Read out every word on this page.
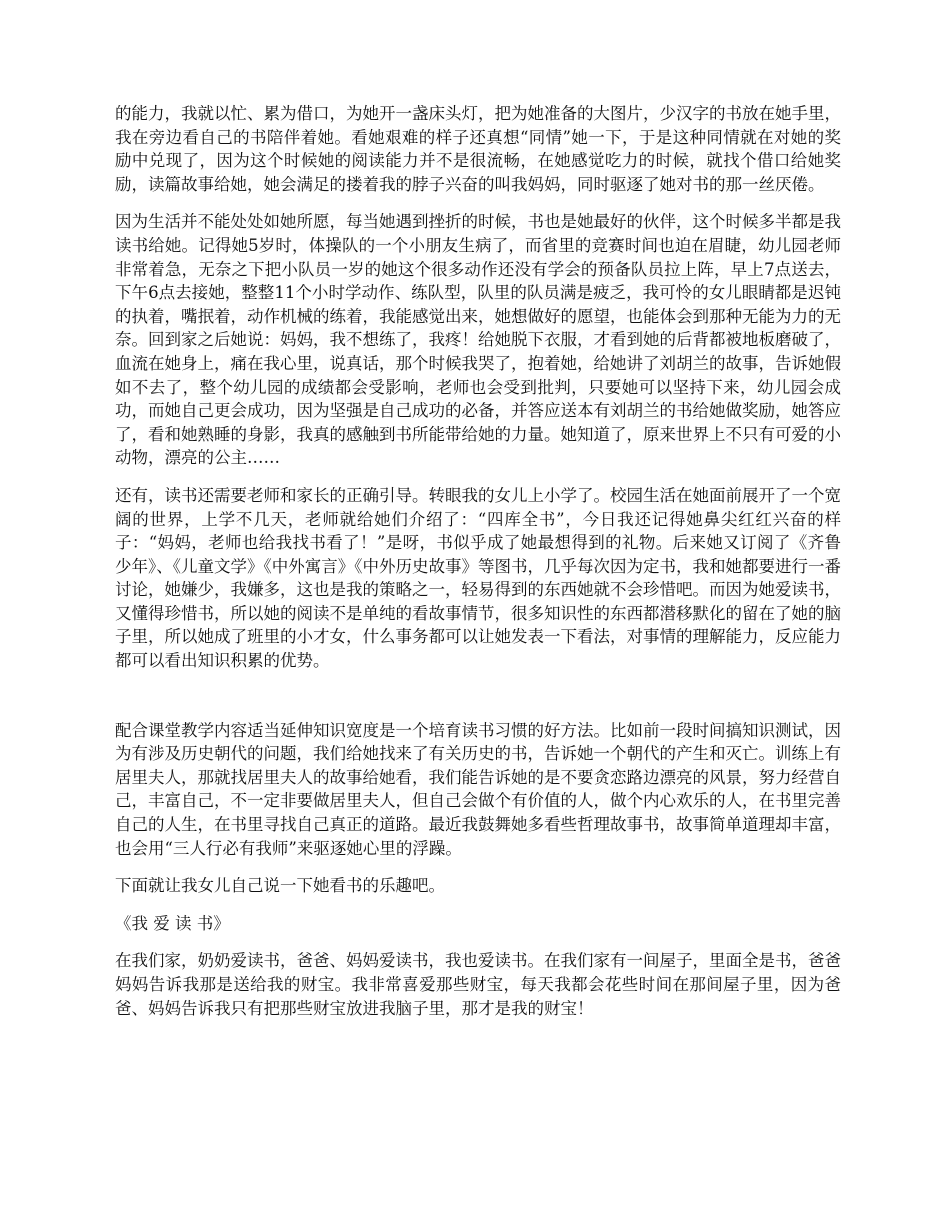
的能力，我就以忙、累为借口，为她开一盏床头灯，把为她准备的大图片，少汉字的书放在她手里，我在旁边看自己的书陪伴着她。看她艰难的样子还真想“同情”她一下，于是这种同情就在对她的奖励中兑现了，因为这个时候她的阅读能力并不是很流畅，在她感觉吃力的时候，就找个借口给她奖励，读篇故事给她，她会满足的搂着我的脖子兴奋的叫我妈妈，同时驱逐了她对书的那一丝厌倦。

因为生活并不能处处如她所愿，每当她遇到挫折的时候，书也是她最好的伙伴，这个时候多半都是我读书给她。记得她5岁时，体操队的一个小朋友生病了，而省里的竞赛时间也迫在眉睫，幼儿园老师非常着急，无奈之下把小队员一岁的她这个很多动作还没有学会的预备队员拉上阵，早上7点送去，下午6点去接她，整整11个小时学动作、练队型，队里的队员满是疲乏，我可怜的女儿眼睛都是迟钝的执着，嘴抿着，动作机械的练着，我能感觉出来，她想做好的愿望，也能体会到那种无能为力的无奈。回到家之后她说：妈妈，我不想练了，我疼！给她脱下衣服，才看到她的后背都被地板磨破了，血流在她身上，痛在我心里，说真话，那个时候我哭了，抱着她，给她讲了刘胡兰的故事，告诉她假如不去了，整个幼儿园的成绩都会受影响，老师也会受到批判，只要她可以坚持下来，幼儿园会成功，而她自己更会成功，因为坚强是自己成功的必备，并答应送本有刘胡兰的书给她做奖励，她答应了，看和她熟睡的身影，我真的感触到书所能带给她的力量。她知道了，原来世界上不只有可爱的小动物，漂亮的公主……

还有，读书还需要老师和家长的正确引导。转眼我的女儿上小学了。校园生活在她面前展开了一个宽阔的世界，上学不几天，老师就给她们介绍了：“四库全书”，今日我还记得她鼻尖红红兴奋的样子：“妈妈，老师也给我找书看了！”是呀，书似乎成了她最想得到的礼物。后来她又订阅了《齐鲁少年》、《儿童文学》《中外寓言》《中外历史故事》等图书，几乎每次因为定书，我和她都要进行一番讨论，她嫌少，我嫌多，这也是我的策略之一，轻易得到的东西她就不会珍惜吧。而因为她爱读书，又懂得珍惜书，所以她的阅读不是单纯的看故事情节，很多知识性的东西都潜移默化的留在了她的脑子里，所以她成了班里的小才女，什么事务都可以让她发表一下看法，对事情的理解能力，反应能力都可以看出知识积累的优势。

配合课堂教学内容适当延伸知识宽度是一个培育读书习惯的好方法。比如前一段时间搞知识测试，因为有涉及历史朝代的问题，我们给她找来了有关历史的书，告诉她一个朝代的产生和灭亡。训练上有居里夫人，那就找居里夫人的故事给她看，我们能告诉她的是不要贪恋路边漂亮的风景，努力经营自己，丰富自己，不一定非要做居里夫人，但自己会做个有价值的人，做个内心欢乐的人，在书里完善自己的人生，在书里寻找自己真正的道路。最近我鼓舞她多看些哲理故事书，故事简单道理却丰富，也会用“三人行必有我师”来驱逐她心里的浮躁。

下面就让我女儿自己说一下她看书的乐趣吧。

《我 爱 读 书》

在我们家，奶奶爱读书，爸爸、妈妈爱读书，我也爱读书。在我们家有一间屋子，里面全是书，爸爸妈妈告诉我那是送给我的财宝。我非常喜爱那些财宝，每天我都会花些时间在那间屋子里，因为爸爸、妈妈告诉我只有把那些财宝放进我脑子里，那才是我的财宝！
